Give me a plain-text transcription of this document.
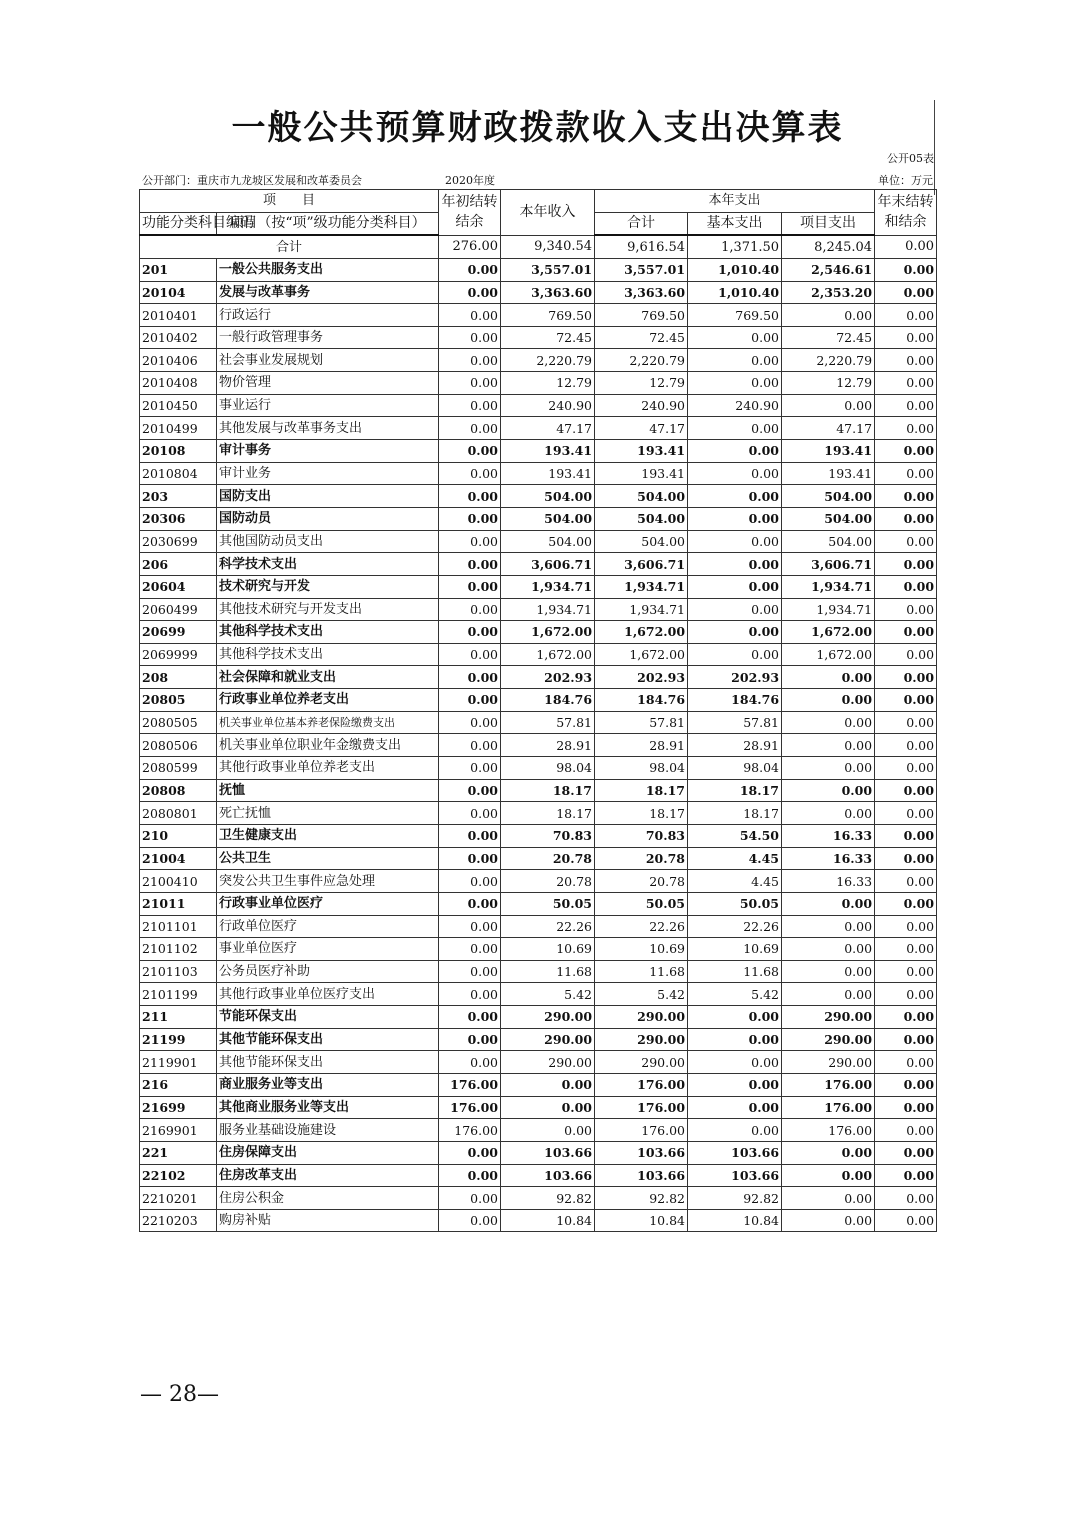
一般公共预算财政拨款收入支出决算表
公开05表
公开部门：重庆市九龙坡区发展和改革委员会	2020年度	单位：万元
项　　目		年初结转结余	本年收入	本年支出			年末结转和结余
功能分类科目编码	项目（按“项”级功能分类科目）			合计	基本支出	项目支出	
合计		276.00	9,340.54	9,616.54	1,371.50	8,245.04	0.00
201	一般公共服务支出	0.00	3,557.01	3,557.01	1,010.40	2,546.61	0.00
20104	发展与改革事务	0.00	3,363.60	3,363.60	1,010.40	2,353.20	0.00
2010401	行政运行	0.00	769.50	769.50	769.50	0.00	0.00
2010402	一般行政管理事务	0.00	72.45	72.45	0.00	72.45	0.00
2010406	社会事业发展规划	0.00	2,220.79	2,220.79	0.00	2,220.79	0.00
2010408	物价管理	0.00	12.79	12.79	0.00	12.79	0.00
2010450	事业运行	0.00	240.90	240.90	240.90	0.00	0.00
2010499	其他发展与改革事务支出	0.00	47.17	47.17	0.00	47.17	0.00
20108	审计事务	0.00	193.41	193.41	0.00	193.41	0.00
2010804	审计业务	0.00	193.41	193.41	0.00	193.41	0.00
203	国防支出	0.00	504.00	504.00	0.00	504.00	0.00
20306	国防动员	0.00	504.00	504.00	0.00	504.00	0.00
2030699	其他国防动员支出	0.00	504.00	504.00	0.00	504.00	0.00
206	科学技术支出	0.00	3,606.71	3,606.71	0.00	3,606.71	0.00
20604	技术研究与开发	0.00	1,934.71	1,934.71	0.00	1,934.71	0.00
2060499	其他技术研究与开发支出	0.00	1,934.71	1,934.71	0.00	1,934.71	0.00
20699	其他科学技术支出	0.00	1,672.00	1,672.00	0.00	1,672.00	0.00
2069999	其他科学技术支出	0.00	1,672.00	1,672.00	0.00	1,672.00	0.00
208	社会保障和就业支出	0.00	202.93	202.93	202.93	0.00	0.00
20805	行政事业单位养老支出	0.00	184.76	184.76	184.76	0.00	0.00
2080505	机关事业单位基本养老保险缴费支出	0.00	57.81	57.81	57.81	0.00	0.00
2080506	机关事业单位职业年金缴费支出	0.00	28.91	28.91	28.91	0.00	0.00
2080599	其他行政事业单位养老支出	0.00	98.04	98.04	98.04	0.00	0.00
20808	抚恤	0.00	18.17	18.17	18.17	0.00	0.00
2080801	死亡抚恤	0.00	18.17	18.17	18.17	0.00	0.00
210	卫生健康支出	0.00	70.83	70.83	54.50	16.33	0.00
21004	公共卫生	0.00	20.78	20.78	4.45	16.33	0.00
2100410	突发公共卫生事件应急处理	0.00	20.78	20.78	4.45	16.33	0.00
21011	行政事业单位医疗	0.00	50.05	50.05	50.05	0.00	0.00
2101101	行政单位医疗	0.00	22.26	22.26	22.26	0.00	0.00
2101102	事业单位医疗	0.00	10.69	10.69	10.69	0.00	0.00
2101103	公务员医疗补助	0.00	11.68	11.68	11.68	0.00	0.00
2101199	其他行政事业单位医疗支出	0.00	5.42	5.42	5.42	0.00	0.00
211	节能环保支出	0.00	290.00	290.00	0.00	290.00	0.00
21199	其他节能环保支出	0.00	290.00	290.00	0.00	290.00	0.00
2119901	其他节能环保支出	0.00	290.00	290.00	0.00	290.00	0.00
216	商业服务业等支出	176.00	0.00	176.00	0.00	176.00	0.00
21699	其他商业服务业等支出	176.00	0.00	176.00	0.00	176.00	0.00
2169901	服务业基础设施建设	176.00	0.00	176.00	0.00	176.00	0.00
221	住房保障支出	0.00	103.66	103.66	103.66	0.00	0.00
22102	住房改革支出	0.00	103.66	103.66	103.66	0.00	0.00
2210201	住房公积金	0.00	92.82	92.82	92.82	0.00	0.00
2210203	购房补贴	0.00	10.84	10.84	10.84	0.00	0.00
— 28—
